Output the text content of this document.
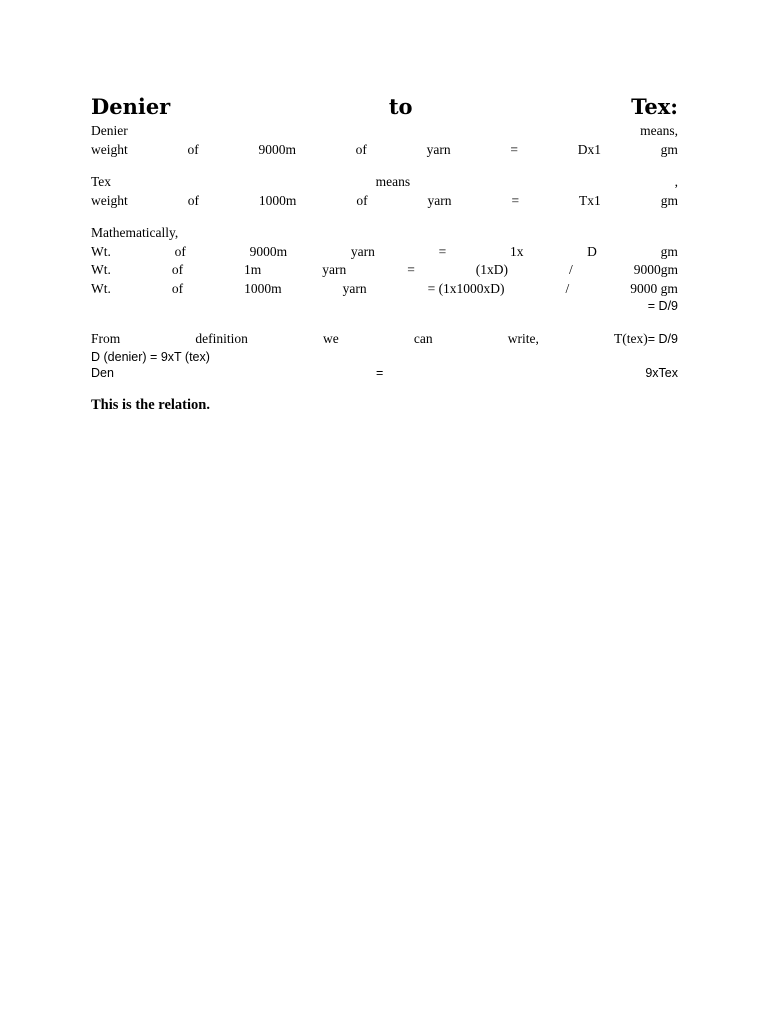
Denier	to	Tex:
Denier	means,
weight	of	9000m	of	yarn	=	Dx1	gm
Tex	means	,
weight	of	1000m	of	yarn	=	Tx1	gm
Mathematically,
Wt.	of	9000m	yarn	=	1x	D	gm
Wt.	of	1m	yarn	=	(1xD)	/	9000gm
Wt.	of	1000m	yarn	= (1x1000xD)	/	9000 gm
= D/9
From	definition	we	can	write,	T(tex)= D/9
D (denier) = 9xT (tex)
Den	=	9xTex
This is the relation.
